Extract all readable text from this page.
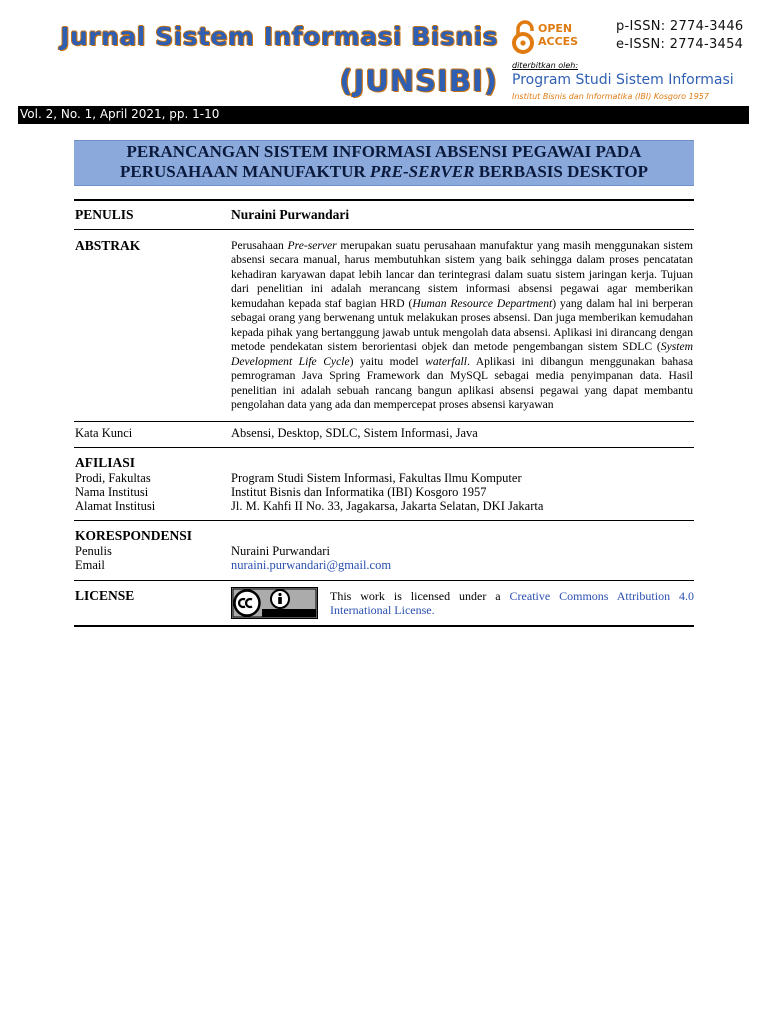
Jurnal Sistem Informasi Bisnis
(JUNSIBI)
OPEN
ACCES
p-ISSN: 2774-3446
e-ISSN: 2774-3454
diterbitkan oleh:
Program Studi Sistem Informasi
Institut Bisnis dan Informatika (IBI) Kosgoro 1957
Vol. 2, No. 1, April 2021, pp. 1-10
PERANCANGAN SISTEM INFORMASI ABSENSI PEGAWAI PADA
PERUSAHAAN MANUFAKTUR PRE-SERVER BERBASIS DESKTOP
PENULIS	Nuraini Purwandari
ABSTRAK	Perusahaan Pre-server merupakan suatu perusahaan manufaktur yang masih menggunakan sistem absensi secara manual, harus membutuhkan sistem yang baik sehingga dalam proses pencatatan kehadiran karyawan dapat lebih lancar dan terintegrasi dalam suatu sistem jaringan kerja. Tujuan dari penelitian ini adalah merancang sistem informasi absensi pegawai agar memberikan kemudahan kepada staf bagian HRD (Human Resource Department) yang dalam hal ini berperan sebagai orang yang berwenang untuk melakukan proses absensi. Dan juga memberikan kemudahan kepada pihak yang bertanggung jawab untuk mengolah data absensi. Aplikasi ini dirancang dengan metode pendekatan sistem berorientasi objek dan metode pengembangan sistem SDLC (System Development Life Cycle) yaitu model waterfall. Aplikasi ini dibangun menggunakan bahasa pemrograman Java Spring Framework dan MySQL sebagai media penyimpanan data. Hasil penelitian ini adalah sebuah rancang bangun aplikasi absensi pegawai yang dapat membantu pengolahan data yang ada dan mempercepat proses absensi karyawan
Kata Kunci	Absensi, Desktop, SDLC, Sistem Informasi, Java
AFILIASI
Prodi, Fakultas	Program Studi Sistem Informasi, Fakultas Ilmu Komputer
Nama Institusi	Institut Bisnis dan Informatika (IBI) Kosgoro 1957
Alamat Institusi	Jl. M. Kahfi II No. 33, Jagakarsa, Jakarta Selatan, DKI Jakarta
KORESPONDENSI
Penulis	Nuraini Purwandari
Email	nuraini.purwandari@gmail.com
LICENSE	This work is licensed under a Creative Commons Attribution 4.0 International License.
